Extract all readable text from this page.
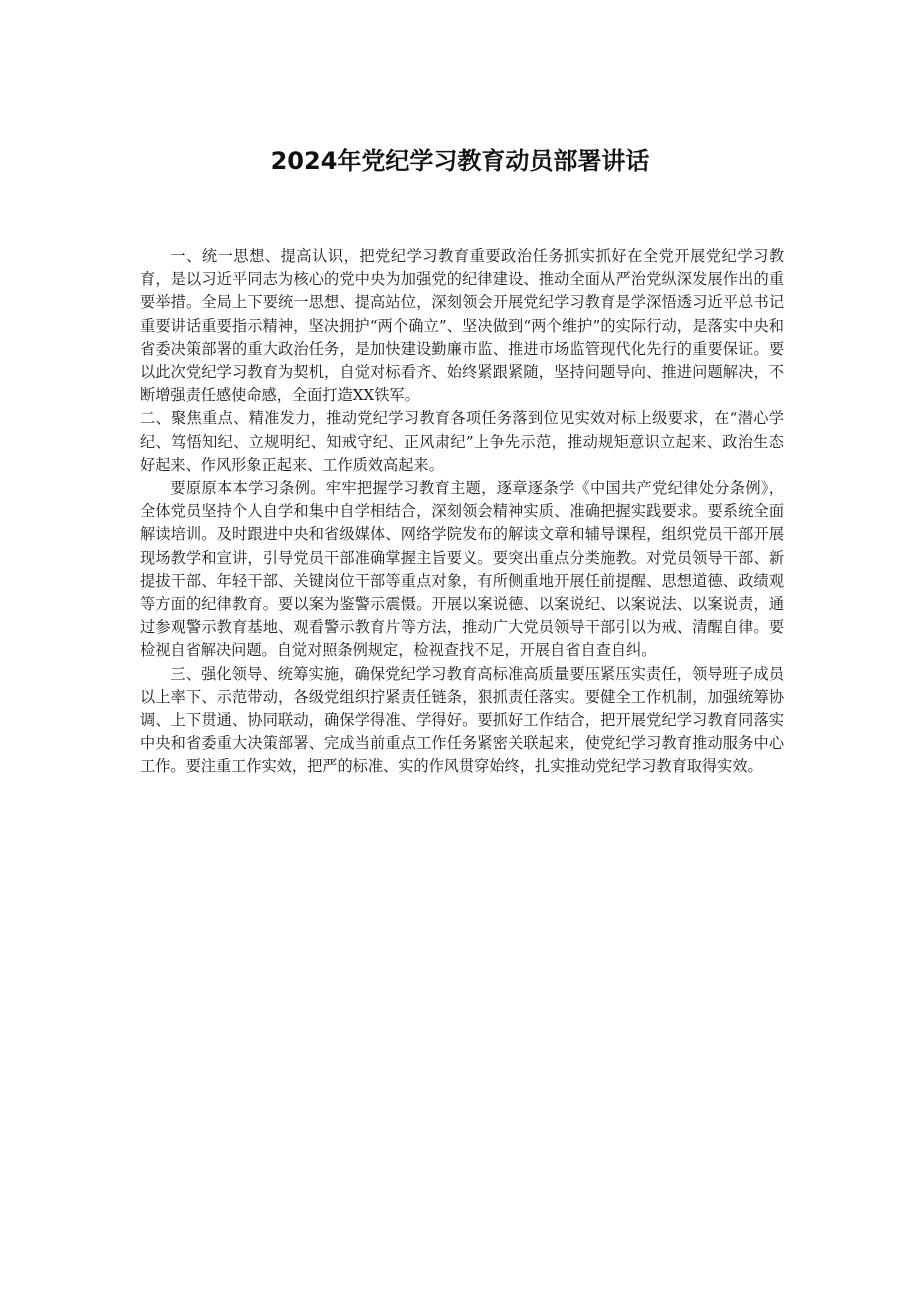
2024年党纪学习教育动员部署讲话

一、统一思想、提高认识，把党纪学习教育重要政治任务抓实抓好在全党开展党纪学习教育，是以习近平同志为核心的党中央为加强党的纪律建设、推动全面从严治党纵深发展作出的重要举措。全局上下要统一思想、提高站位，深刻领会开展党纪学习教育是学深悟透习近平总书记重要讲话重要指示精神，坚决拥护“两个确立”、坚决做到“两个维护”的实际行动，是落实中央和省委决策部署的重大政治任务，是加快建设勤廉市监、推进市场监管现代化先行的重要保证。要以此次党纪学习教育为契机，自觉对标看齐、始终紧跟紧随，坚持问题导向、推进问题解决，不断增强责任感使命感，全面打造XX铁军。

二、聚焦重点、精准发力，推动党纪学习教育各项任务落到位见实效对标上级要求，在“潜心学纪、笃悟知纪、立规明纪、知戒守纪、正风肃纪”上争先示范，推动规矩意识立起来、政治生态好起来、作风形象正起来、工作质效高起来。

要原原本本学习条例。牢牢把握学习教育主题，逐章逐条学《中国共产党纪律处分条例》，全体党员坚持个人自学和集中自学相结合，深刻领会精神实质、准确把握实践要求。要系统全面解读培训。及时跟进中央和省级媒体、网络学院发布的解读文章和辅导课程，组织党员干部开展现场教学和宣讲，引导党员干部准确掌握主旨要义。要突出重点分类施教。对党员领导干部、新提拔干部、年轻干部、关键岗位干部等重点对象，有所侧重地开展任前提醒、思想道德、政绩观等方面的纪律教育。要以案为鉴警示震慑。开展以案说德、以案说纪、以案说法、以案说责，通过参观警示教育基地、观看警示教育片等方法，推动广大党员领导干部引以为戒、清醒自律。要检视自省解决问题。自觉对照条例规定，检视查找不足，开展自省自查自纠。

三、强化领导、统筹实施，确保党纪学习教育高标准高质量要压紧压实责任，领导班子成员以上率下、示范带动，各级党组织拧紧责任链条，狠抓责任落实。要健全工作机制，加强统筹协调、上下贯通、协同联动，确保学得准、学得好。要抓好工作结合，把开展党纪学习教育同落实中央和省委重大决策部署、完成当前重点工作任务紧密关联起来，使党纪学习教育推动服务中心工作。要注重工作实效，把严的标准、实的作风贯穿始终，扎实推动党纪学习教育取得实效。
